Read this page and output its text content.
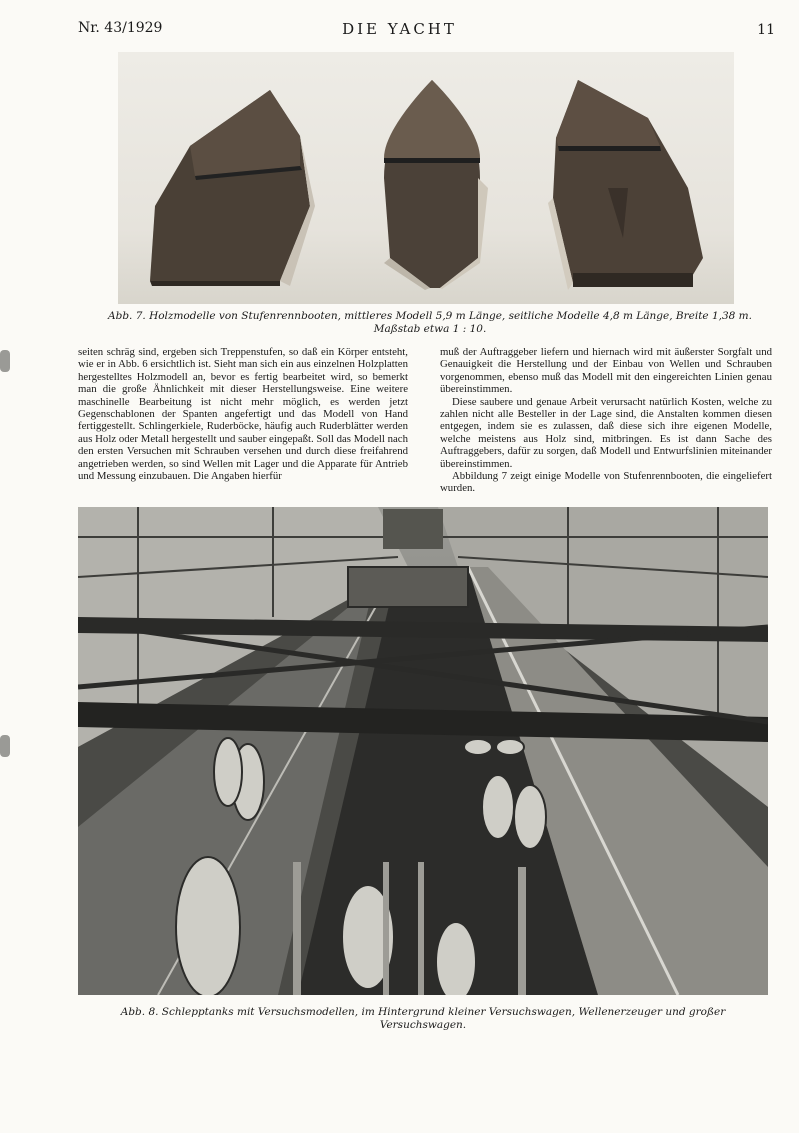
Nr. 43/1929	DIE YACHT	11
Abb. 7. Holzmodelle von Stufenrennbooten, mittleres Modell 5,9 m Länge, seitliche Modelle 4,8 m Länge, Breite 1,38 m.
Maßstab etwa 1 : 10.

seiten schräg sind, ergeben sich Treppenstufen, so daß ein Körper entsteht, wie er in Abb. 6 ersichtlich ist. Sieht man sich ein aus einzelnen Holzplatten hergestelltes Holzmodell an, bevor es fertig bearbeitet wird, so bemerkt man die große Ähnlichkeit mit dieser Herstellungsweise. Eine weitere maschinelle Bearbeitung ist nicht mehr möglich, es werden jetzt Gegenschablonen der Spanten angefertigt und das Modell von Hand fertiggestellt. Schlingerkiele, Ruderböcke, häufig auch Ruderblätter werden aus Holz oder Metall hergestellt und sauber eingepaßt. Soll das Modell nach den ersten Versuchen mit Schrauben versehen und durch diese freifahrend angetrieben werden, so sind Wellen mit Lager und die Apparate für Antrieb und Messung einzubauen. Die Angaben hierfür

muß der Auftraggeber liefern und hiernach wird mit äußerster Sorgfalt und Genauigkeit die Herstellung und der Einbau von Wellen und Schrauben vorgenommen, ebenso muß das Modell mit den eingereichten Linien genau übereinstimmen.

Diese saubere und genaue Arbeit verursacht natürlich Kosten, welche zu zahlen nicht alle Besteller in der Lage sind, die Anstalten kommen diesen entgegen, indem sie es zulassen, daß diese sich ihre eigenen Modelle, welche meistens aus Holz sind, mitbringen. Es ist dann Sache des Auftraggebers, dafür zu sorgen, daß Modell und Entwurfslinien miteinander übereinstimmen.

Abbildung 7 zeigt einige Modelle von Stufenrennbooten, die eingeliefert wurden.

Abb. 8. Schlepptanks mit Versuchsmodellen, im Hintergrund kleiner Versuchswagen, Wellenerzeuger und großer Versuchswagen.
